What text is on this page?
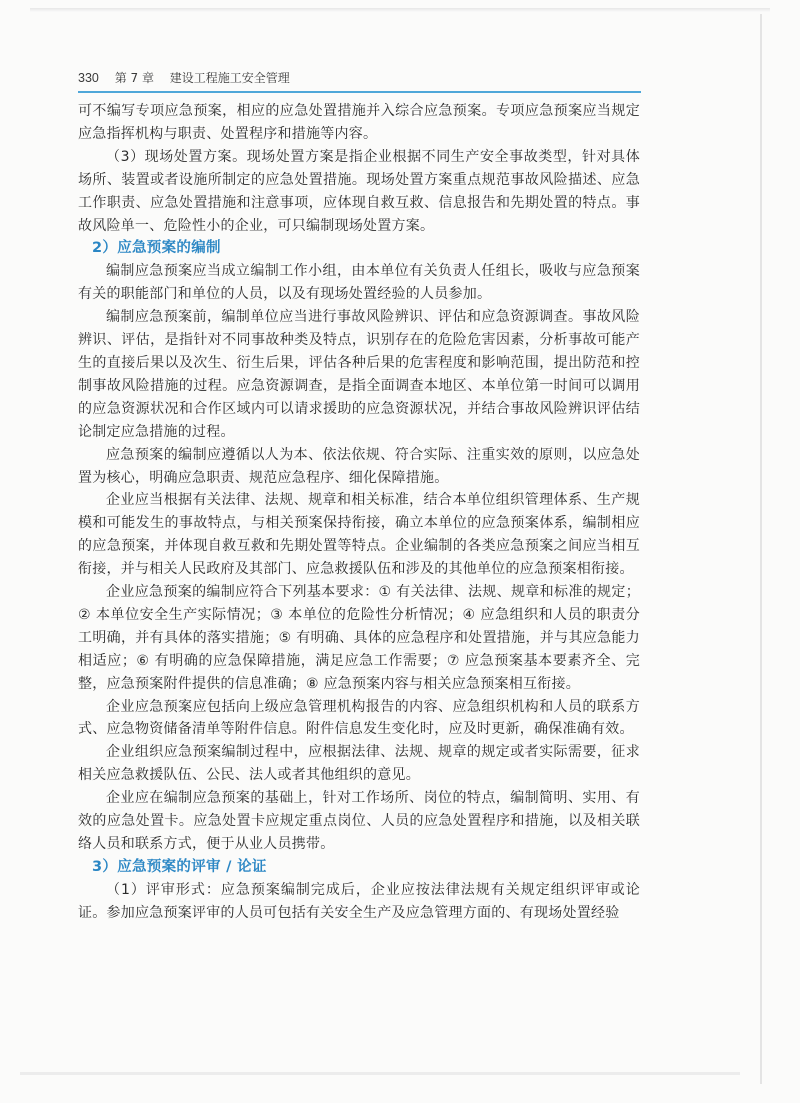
330 第 7 章 建设工程施工安全管理

可不编写专项应急预案，相应的应急处置措施并入综合应急预案。专项应急预案应当规定应急指挥机构与职责、处置程序和措施等内容。

（3）现场处置方案。现场处置方案是指企业根据不同生产安全事故类型，针对具体场所、装置或者设施所制定的应急处置措施。现场处置方案重点规范事故风险描述、应急工作职责、应急处置措施和注意事项，应体现自救互救、信息报告和先期处置的特点。事故风险单一、危险性小的企业，可只编制现场处置方案。

2）应急预案的编制

编制应急预案应当成立编制工作小组，由本单位有关负责人任组长，吸收与应急预案有关的职能部门和单位的人员，以及有现场处置经验的人员参加。

编制应急预案前，编制单位应当进行事故风险辨识、评估和应急资源调查。事故风险辨识、评估，是指针对不同事故种类及特点，识别存在的危险危害因素，分析事故可能产生的直接后果以及次生、衍生后果，评估各种后果的危害程度和影响范围，提出防范和控制事故风险措施的过程。应急资源调查，是指全面调查本地区、本单位第一时间可以调用的应急资源状况和合作区域内可以请求援助的应急资源状况，并结合事故风险辨识评估结论制定应急措施的过程。

应急预案的编制应遵循以人为本、依法依规、符合实际、注重实效的原则，以应急处置为核心，明确应急职责、规范应急程序、细化保障措施。

企业应当根据有关法律、法规、规章和相关标准，结合本单位组织管理体系、生产规模和可能发生的事故特点，与相关预案保持衔接，确立本单位的应急预案体系，编制相应的应急预案，并体现自救互救和先期处置等特点。企业编制的各类应急预案之间应当相互衔接，并与相关人民政府及其部门、应急救援队伍和涉及的其他单位的应急预案相衔接。

企业应急预案的编制应符合下列基本要求：① 有关法律、法规、规章和标准的规定；② 本单位安全生产实际情况；③ 本单位的危险性分析情况；④ 应急组织和人员的职责分工明确，并有具体的落实措施；⑤ 有明确、具体的应急程序和处置措施，并与其应急能力相适应；⑥ 有明确的应急保障措施，满足应急工作需要；⑦ 应急预案基本要素齐全、完整，应急预案附件提供的信息准确；⑧ 应急预案内容与相关应急预案相互衔接。

企业应急预案应包括向上级应急管理机构报告的内容、应急组织机构和人员的联系方式、应急物资储备清单等附件信息。附件信息发生变化时，应及时更新，确保准确有效。

企业组织应急预案编制过程中，应根据法律、法规、规章的规定或者实际需要，征求相关应急救援队伍、公民、法人或者其他组织的意见。

企业应在编制应急预案的基础上，针对工作场所、岗位的特点，编制简明、实用、有效的应急处置卡。应急处置卡应规定重点岗位、人员的应急处置程序和措施，以及相关联络人员和联系方式，便于从业人员携带。

3）应急预案的评审 / 论证

（1）评审形式：应急预案编制完成后，企业应按法律法规有关规定组织评审或论证。参加应急预案评审的人员可包括有关安全生产及应急管理方面的、有现场处置经验
